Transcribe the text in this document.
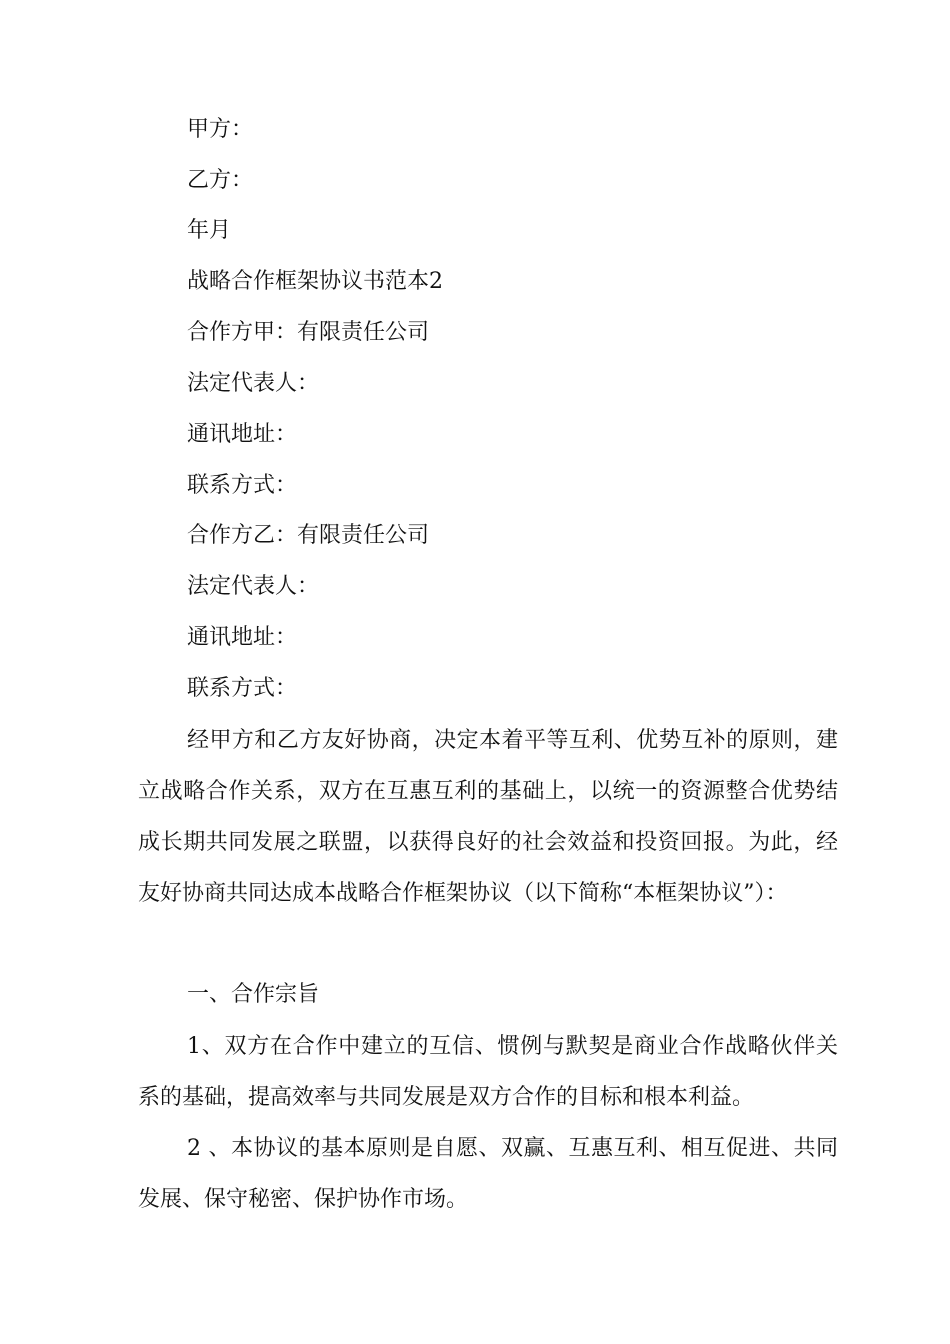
甲方：
乙方：
年月
战略合作框架协议书范本2
合作方甲：有限责任公司
法定代表人：
通讯地址：
联系方式：
合作方乙：有限责任公司
法定代表人：
通讯地址：
联系方式：
经甲方和乙方友好协商，决定本着平等互利、优势互补的原则，建立战略合作关系，双方在互惠互利的基础上，以统一的资源整合优势结成长期共同发展之联盟，以获得良好的社会效益和投资回报。为此，经友好协商共同达成本战略合作框架协议（以下简称“本框架协议”）：
一、合作宗旨
1、双方在合作中建立的互信、惯例与默契是商业合作战略伙伴关系的基础，提高效率与共同发展是双方合作的目标和根本利益。
2 、本协议的基本原则是自愿、双赢、互惠互利、相互促进、共同发展、保守秘密、保护协作市场。
